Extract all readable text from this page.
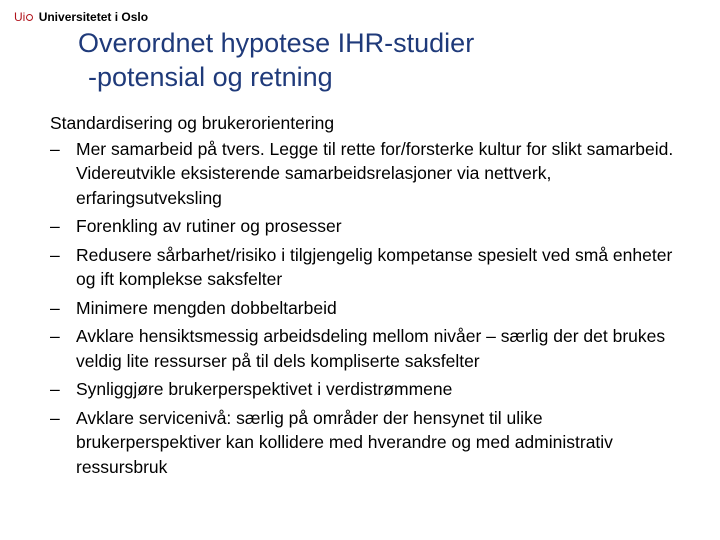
Ui Universitetet i Oslo
Overordnet hypotese IHR-studier
-potensial og retning
Standardisering og brukerorientering
– Mer samarbeid på tvers. Legge til rette for/forsterke kultur for slikt samarbeid. Videreutvikle eksisterende samarbeidsrelasjoner via nettverk, erfaringsutveksling
– Forenkling av rutiner og prosesser
– Redusere sårbarhet/risiko i tilgjengelig kompetanse spesielt ved små enheter og ift komplekse saksfelter
– Minimere mengden dobbeltarbeid
– Avklare hensiktsmessig arbeidsdeling mellom nivåer – særlig der det brukes veldig lite ressurser på til dels kompliserte saksfelter
– Synliggjøre brukerperspektivet i verdistrømmene
– Avklare servicenivå: særlig på områder der hensynet til ulike brukerperspektiver kan kollidere med hverandre og med administrativ ressursbruk
